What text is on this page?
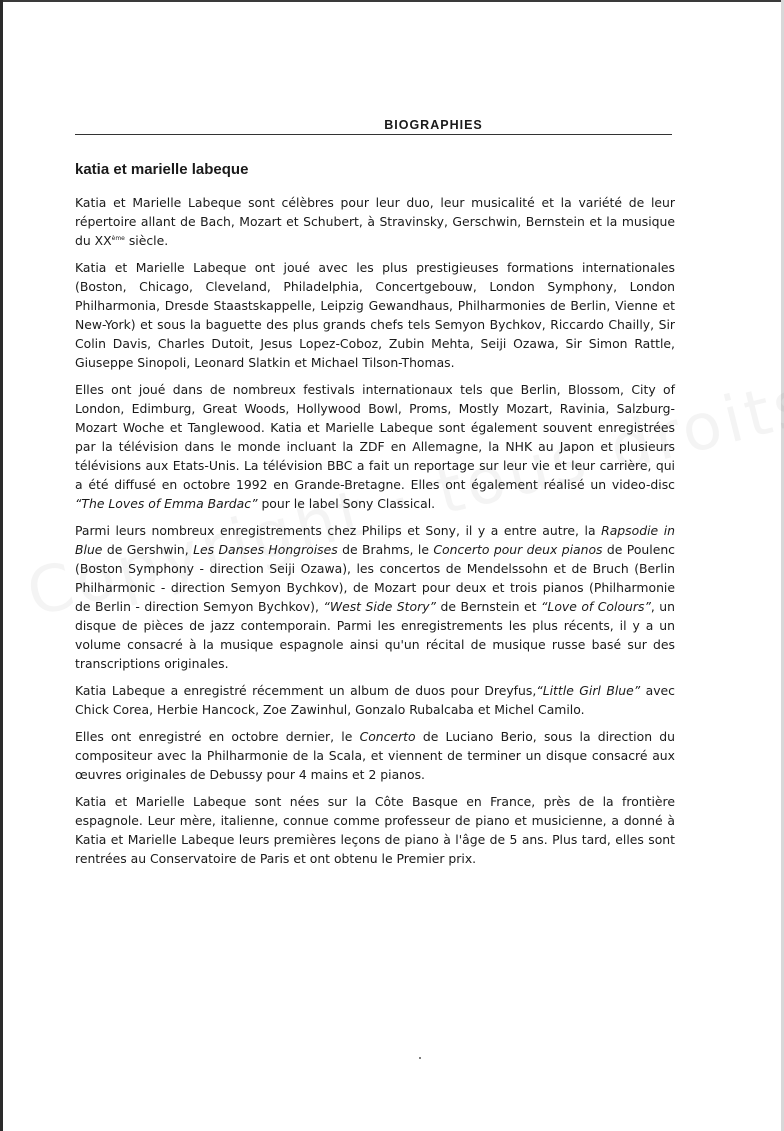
BIOGRAPHIES
katia et marielle labeque

Katia et Marielle Labeque sont célèbres pour leur duo, leur musicalité et la variété de leur répertoire allant de Bach, Mozart et Schubert, à Stravinsky, Gerschwin, Bernstein et la musique du XXème siècle.

Katia et Marielle Labeque ont joué avec les plus prestigieuses formations internationales (Boston, Chicago, Cleveland, Philadelphia, Concertgebouw, London Symphony, London Philharmonia, Dresde Staastskappelle, Leipzig Gewandhaus, Philharmonies de Berlin, Vienne et New-York) et sous la baguette des plus grands chefs tels Semyon Bychkov, Riccardo Chailly, Sir Colin Davis, Charles Dutoit, Jesus Lopez-Coboz, Zubin Mehta, Seiji Ozawa, Sir Simon Rattle, Giuseppe Sinopoli, Leonard Slatkin et Michael Tilson-Thomas.

Elles ont joué dans de nombreux festivals internationaux tels que Berlin, Blossom, City of London, Edimburg, Great Woods, Hollywood Bowl, Proms, Mostly Mozart, Ravinia, Salzburg-Mozart Woche et Tanglewood. Katia et Marielle Labeque sont également souvent enregistrées par la télévision dans le monde incluant la ZDF en Allemagne, la NHK au Japon et plusieurs télévisions aux Etats-Unis. La télévision BBC a fait un reportage sur leur vie et leur carrière, qui a été diffusé en octobre 1992 en Grande-Bretagne. Elles ont également réalisé un video-disc “The Loves of Emma Bardac” pour le label Sony Classical.

Parmi leurs nombreux enregistrements chez Philips et Sony, il y a entre autre, la Rapsodie in Blue de Gershwin, Les Danses Hongroises de Brahms, le Concerto pour deux pianos de Poulenc (Boston Symphony - direction Seiji Ozawa), les concertos de Mendelssohn et de Bruch (Berlin Philharmonic - direction Semyon Bychkov), de Mozart pour deux et trois pianos (Philharmonie de Berlin - direction Semyon Bychkov), “West Side Story” de Bernstein et “Love of Colours”, un disque de pièces de jazz contemporain. Parmi les enregistrements les plus récents, il y a un volume consacré à la musique espagnole ainsi qu'un récital de musique russe basé sur des transcriptions originales.

Katia Labeque a enregistré récemment un album de duos pour Dreyfus,“Little Girl Blue” avec Chick Corea, Herbie Hancock, Zoe Zawinhul, Gonzalo Rubalcaba et Michel Camilo.

Elles ont enregistré en octobre dernier, le Concerto de Luciano Berio, sous la direction du compositeur avec la Philharmonie de la Scala, et viennent de terminer un disque consacré aux œuvres originales de Debussy pour 4 mains et 2 pianos.

Katia et Marielle Labeque sont nées sur la Côte Basque en France, près de la frontière espagnole. Leur mère, italienne, connue comme professeur de piano et musicienne, a donné à Katia et Marielle Labeque leurs premières leçons de piano à l'âge de 5 ans. Plus tard, elles sont rentrées au Conservatoire de Paris et ont obtenu le Premier prix.
